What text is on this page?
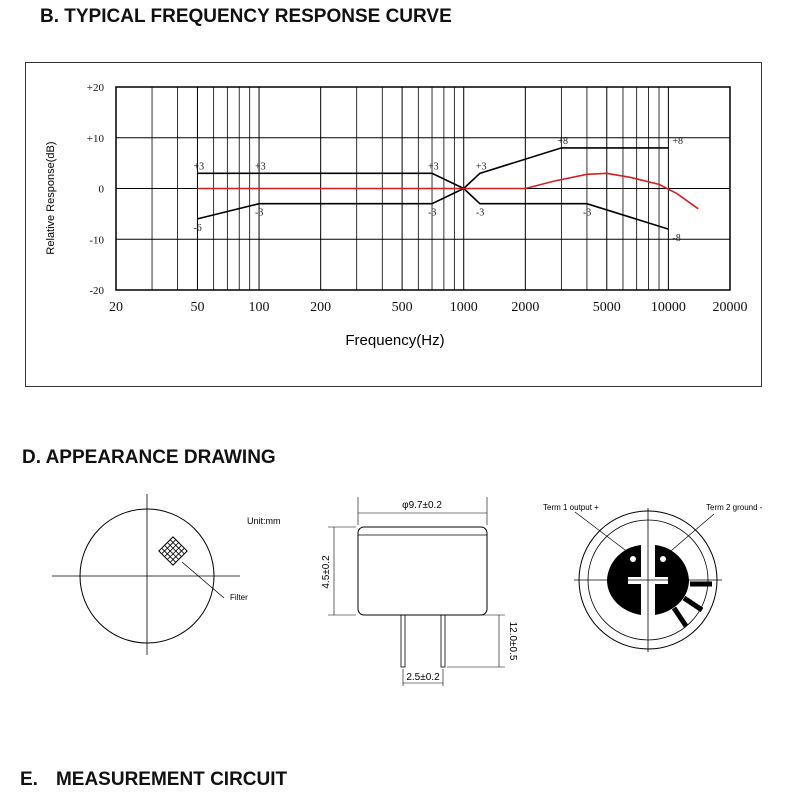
B. TYPICAL FREQUENCY RESPONSE CURVE
20	50	100	200	500	1000 2000	5000 10000 20000
+20
+10
0
-10
-20
+3	+3	+3	+3
+8	+8
-6
-3	-3	-3	-3
-8
Frequency(Hz)
Relative Response(dB)
D. APPEARANCE DRAWING
Filter
Unit:mm
φ9.7±0.2
4.5±0.2
12.0±0.5
2.5±0.2
Term 1 output +	Term 2 ground -
E. MEASUREMENT CIRCUIT
